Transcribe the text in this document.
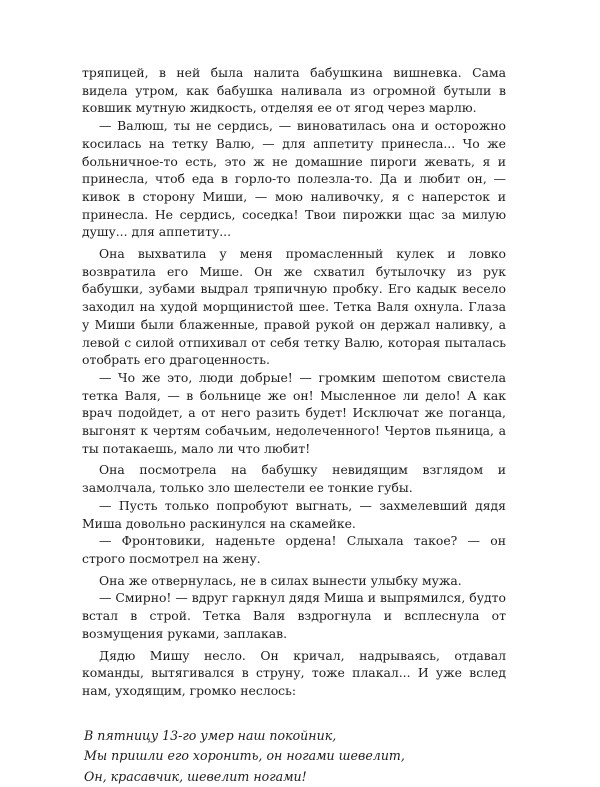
тряпицей, в ней была налита бабушкина вишневка. Сама видела утром, как бабушка наливала из огромной бутыли в ковшик мутную жидкость, отделяя ее от ягод через марлю.

— Валюш, ты не сердись, — виноватилась она и осторожно косилась на тетку Валю, — для аппетиту принесла... Чо же больничное-то есть, это ж не домашние пироги жевать, я и принесла, чтоб еда в горло-то полезла-то. Да и любит он, — кивок в сторону Миши, — мою наливочку, я с наперсток и принесла. Не сердись, соседка! Твои пирожки щас за милую душу... для аппетиту...

Она выхватила у меня промасленный кулек и ловко возвратила его Мише. Он же схватил бутылочку из рук бабушки, зубами выдрал тряпичную пробку. Его кадык весело заходил на худой морщинистой шее. Тетка Валя охнула. Глаза у Миши были блаженные, правой рукой он держал наливку, а левой с силой отпихивал от себя тетку Валю, которая пыталась отобрать его драгоценность.

— Чо же это, люди добрые! — громким шепотом свистела тетка Валя, — в больнице же он! Мысленное ли дело! А как врач подойдет, а от него разить будет! Исключат же поганца, выгонят к чертям собачьим, недолеченного! Чертов пьяница, а ты потакаешь, мало ли что любит!

Она посмотрела на бабушку невидящим взглядом и замолчала, только зло шелестели ее тонкие губы.

— Пусть только попробуют выгнать, — захмелевший дядя Миша довольно раскинулся на скамейке.

— Фронтовики, наденьте ордена! Слыхала такое? — он строго посмотрел на жену.

Она же отвернулась, не в силах вынести улыбку мужа.

— Смирно! — вдруг гаркнул дядя Миша и выпрямился, будто встал в строй. Тетка Валя вздрогнула и всплеснула от возмущения руками, заплакав.

Дядю Мишу несло. Он кричал, надрываясь, отдавал команды, вытягивался в струну, тоже плакал... И уже вслед нам, уходящим, громко неслось:

В пятницу 13-го умер наш покойник,
Мы пришли его хоронить, он ногами шевелит,
Он, красавчик, шевелит ногами!
